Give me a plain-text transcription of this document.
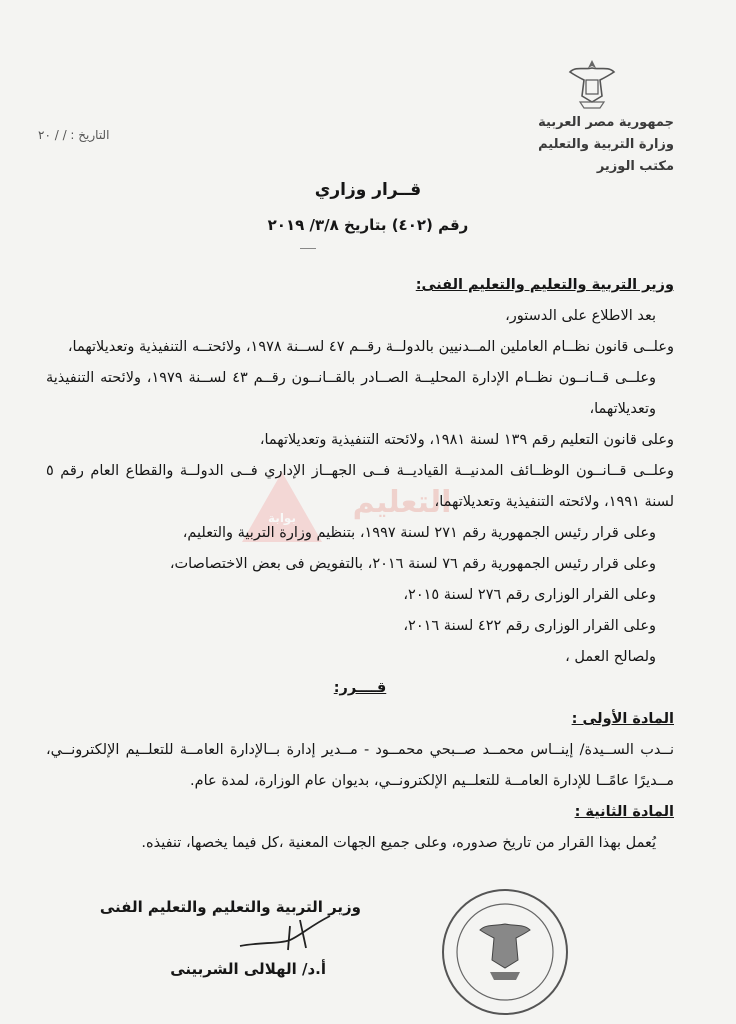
جمهورية مصر العربية
وزارة التربية والتعليم
مكتب الوزير
التاريخ : / / ٢٠
قــرار وزاري
رقم (٤٠٢) بتاريخ ٣/٨/ ٢٠١٩
التعليم
بوابة

وزير التربية والتعليم والتعليم الفنى:

بعد الاطلاع على الدستور،

وعلــى قانون نظــام العاملين المــدنيين بالدولــة رقــم ٤٧ لســنة ١٩٧٨، ولائحتــه التنفيذية وتعديلاتهما،

وعلــى قــانــون نظــام الإدارة المحليــة الصــادر بالقــانــون رقــم ٤٣ لســنة ١٩٧٩، ولائحته التنفيذية وتعديلاتهما،

وعلى قانون التعليم رقم ١٣٩ لسنة ١٩٨١، ولائحته التنفيذية وتعديلاتهما،

وعلــى قــانــون الوظــائف المدنيــة القياديــة فــى الجهــاز الإداري فــى الدولــة والقطاع العام رقم ٥ لسنة ١٩٩١، ولائحته التنفيذية وتعديلاتهما،

وعلى قرار رئيس الجمهورية رقم ٢٧١ لسنة ١٩٩٧، بتنظيم وزارة التربية والتعليم،

وعلى قرار رئيس الجمهورية رقم ٧٦ لسنة ٢٠١٦، بالتفويض فى بعض الاختصاصات،

وعلى القرار الوزارى رقم ٢٧٦ لسنة ٢٠١٥،

وعلى القرار الوزارى رقم ٤٢٢ لسنة ٢٠١٦،

ولصالح العمل ،

قــــرر:

المادة الأولى :

نــدب الســيدة/ إينــاس محمــد صــبحي محمــود - مــدير إدارة بــالإدارة العامــة للتعلــيم الإلكترونــي، مــديرًا عامًــا للإدارة العامــة للتعلــيم الإلكترونــي، بديوان عام الوزارة، لمدة عام.

المادة الثانية :

يُعمل بهذا القرار من تاريخ صدوره، وعلى جميع الجهات المعنية ،كل فيما يخصها، تنفيذه.

وزير التربية والتعليم والتعليم الفنى
أ.د/ الهلالى الشربينى
